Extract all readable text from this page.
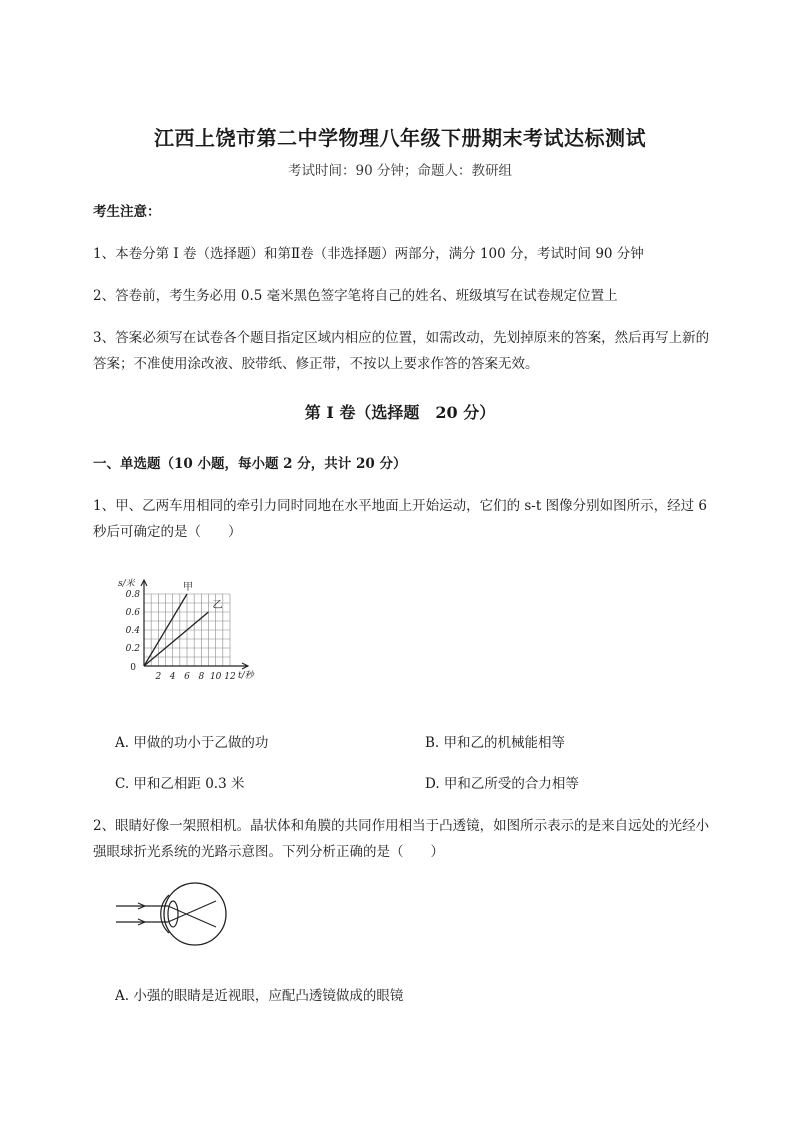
江西上饶市第二中学物理八年级下册期末考试达标测试
考试时间：90 分钟；命题人：教研组
考生注意：
1、本卷分第 I 卷（选择题）和第Ⅱ卷（非选择题）两部分，满分 100 分，考试时间 90 分钟
2、答卷前，考生务必用 0.5 毫米黑色签字笔将自己的姓名、班级填写在试卷规定位置上
3、答案必须写在试卷各个题目指定区域内相应的位置，如需改动，先划掉原来的答案，然后再写上新的答案；不准使用涂改液、胶带纸、修正带，不按以上要求作答的答案无效。
第 I 卷（选择题　20 分）
一、单选题（10 小题，每小题 2 分，共计 20 分）
1、甲、乙两车用相同的牵引力同时同地在水平地面上开始运动，它们的 s-t 图像分别如图所示，经过 6 秒后可确定的是（　　）
2 4 6 8 10 12
0.2
0.4
0.6
0.8
0
s/米
t/秒
甲
乙
A. 甲做的功小于乙做的功	B. 甲和乙的机械能相等
C. 甲和乙相距 0.3 米	D. 甲和乙所受的合力相等
2、眼睛好像一架照相机。晶状体和角膜的共同作用相当于凸透镜，如图所示表示的是来自远处的光经小强眼球折光系统的光路示意图。下列分析正确的是（　　）
A. 小强的眼睛是近视眼，应配凸透镜做成的眼镜
